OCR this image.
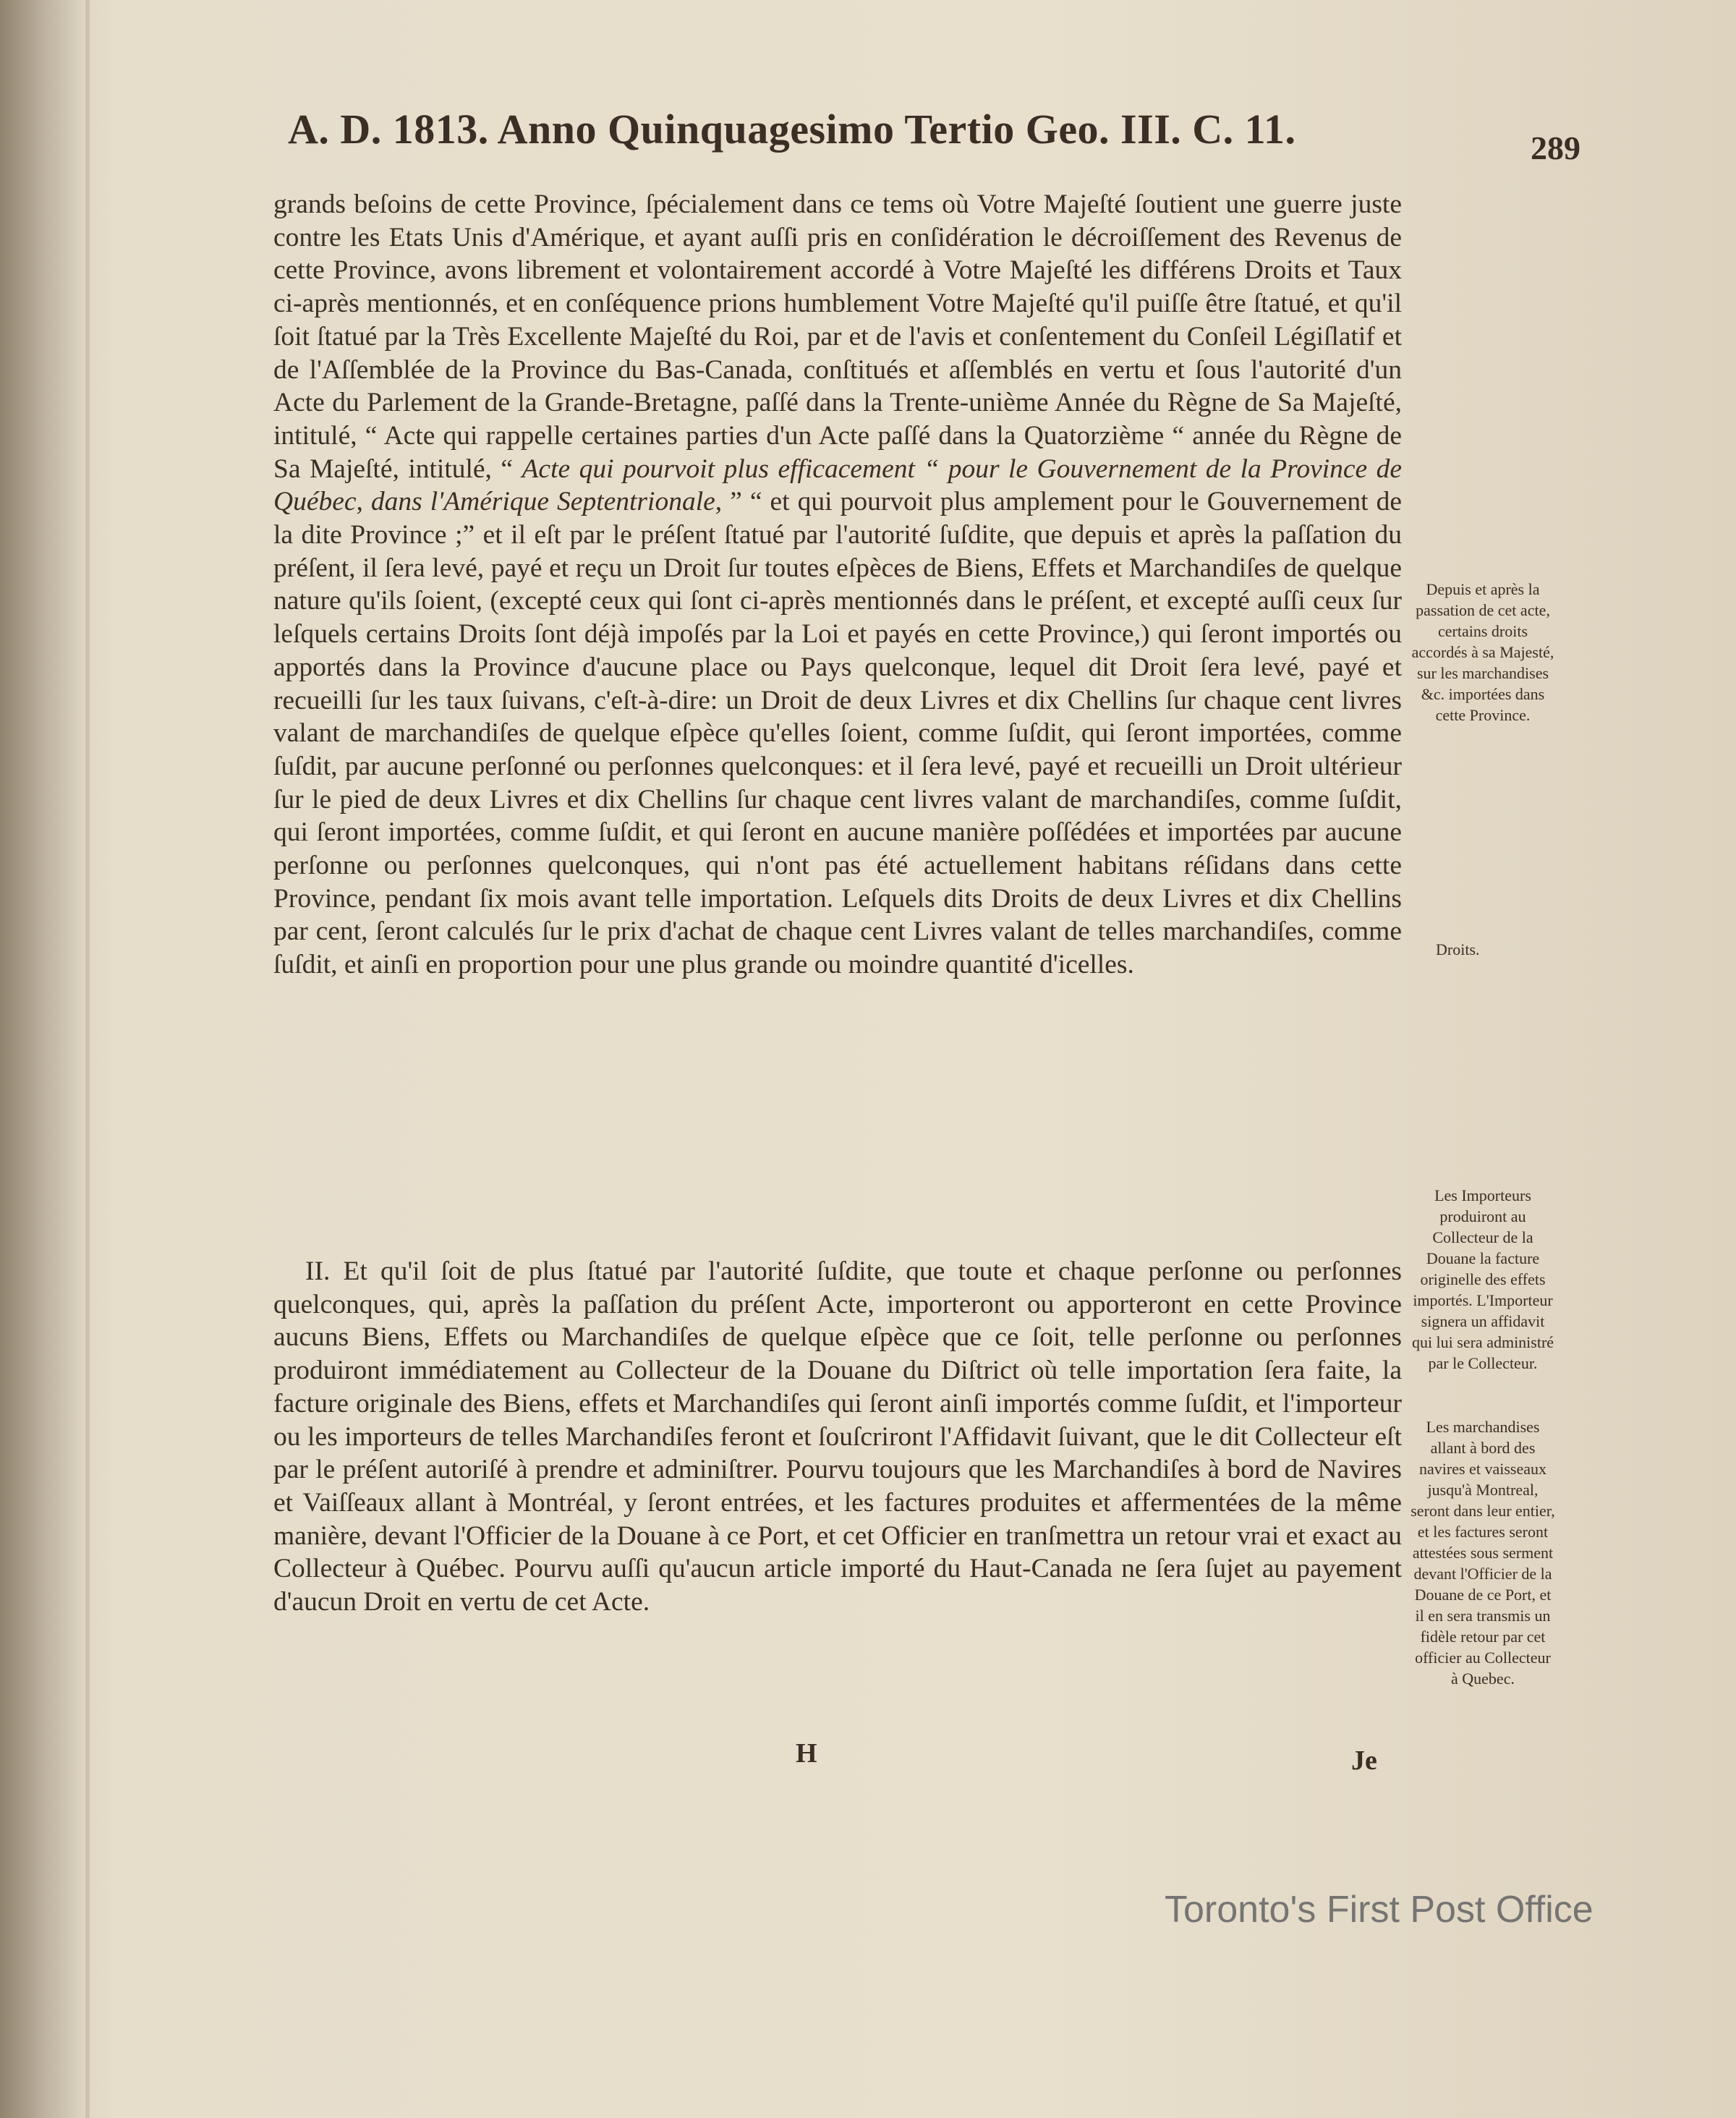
A. D. 1813. Anno Quinquagesimo Tertio Geo. III. C. 11.	289
grands beſoins de cette Province, ſpécialement dans ce tems où Votre Majeſté ſoutient une guerre juste contre les Etats Unis d'Amérique, et ayant auſſi pris en conſidération le décroiſſement des Revenus de cette Province, avons librement et volontairement accordé à Votre Majeſté les différens Droits et Taux ci-après mentionnés, et en conſéquence prions humblement Votre Majeſté qu'il puiſſe être ſtatué, et qu'il ſoit ſtatué par la Très Excellente Majeſté du Roi, par et de l'avis et conſentement du Conſeil Légiſlatif et de l'Aſſemblée de la Province du Bas-Canada, conſtitués et aſſemblés en vertu et ſous l'autorité d'un Acte du Parlement de la Grande-Bretagne, paſſé dans la Trente-unième Année du Règne de Sa Majeſté, intitulé, “ Acte qui rappelle certaines parties d'un Acte paſſé dans la Quatorzième “ année du Règne de Sa Majeſté, intitulé, “ Acte qui pourvoit plus efficacement “ pour le Gouvernement de la Province de Québec, dans l'Amérique Septentrionale, ” “ et qui pourvoit plus amplement pour le Gouvernement de la dite Province ;” et il eſt par le préſent ſtatué par l'autorité ſuſdite, que depuis et après la paſſation du préſent, il ſera levé, payé et reçu un Droit ſur toutes eſpèces de Biens, Effets et Marchandiſes de quelque nature qu'ils ſoient, (excepté ceux qui ſont ci-après mentionnés dans le préſent, et excepté auſſi ceux ſur leſquels certains Droits ſont déjà impoſés par la Loi et payés en cette Province,) qui ſeront importés ou apportés dans la Province d'aucune place ou Pays quelconque, lequel dit Droit ſera levé, payé et recueilli ſur les taux ſuivans, c'eſt-à-dire: un Droit de deux Livres et dix Chellins ſur chaque cent livres valant de marchandiſes de quelque eſpèce qu'elles ſoient, comme ſuſdit, qui ſeront importées, comme ſuſdit, par aucune perſonné ou perſonnes quelconques: et il ſera levé, payé et recueilli un Droit ultérieur ſur le pied de deux Livres et dix Chellins ſur chaque cent livres valant de marchandiſes, comme ſuſdit, qui ſeront importées, comme ſuſdit, et qui ſeront en aucune manière poſſédées et importées par aucune perſonne ou perſonnes quelconques, qui n'ont pas été actuellement habitans réſidans dans cette Province, pendant ſix mois avant telle importation. Leſquels dits Droits de deux Livres et dix Chellins par cent, ſeront calculés ſur le prix d'achat de chaque cent Livres valant de telles marchandiſes, comme ſuſdit, et ainſi en proportion pour une plus grande ou moindre quantité d'icelles.
II. Et qu'il ſoit de plus ſtatué par l'autorité ſuſdite, que toute et chaque perſonne ou perſonnes quelconques, qui, après la paſſation du préſent Acte, importeront ou apporteront en cette Province aucuns Biens, Effets ou Marchandiſes de quelque eſpèce que ce ſoit, telle perſonne ou perſonnes produiront immédiatement au Collecteur de la Douane du Diſtrict où telle importation ſera faite, la facture originale des Biens, effets et Marchandiſes qui ſeront ainſi importés comme ſuſdit, et l'importeur ou les importeurs de telles Marchandiſes feront et ſouſcriront l'Affidavit ſuivant, que le dit Collecteur eſt par le préſent autoriſé à prendre et adminiſtrer. Pourvu toujours que les Marchandiſes à bord de Navires et Vaiſſeaux allant à Montréal, y ſeront entrées, et les factures produites et affermentées de la même manière, devant l'Officier de la Douane à ce Port, et cet Officier en tranſmettra un retour vrai et exact au Collecteur à Québec. Pourvu auſſi qu'aucun article importé du Haut-Canada ne ſera ſujet au payement d'aucun Droit en vertu de cet Acte.
Depuis et après la passation de cet acte, certains droits accordés à sa Majesté, sur les marchandises &c. importées dans cette Province.
Droits.
Les Importeurs produiront au Collecteur de la Douane la facture originelle des effets importés. L'Importeur signera un affidavit qui lui sera administré par le Collecteur.
Les marchandises allant à bord des navires et vaisseaux jusqu'à Montreal, seront dans leur entier, et les factures seront attestées sous serment devant l'Officier de la Douane de ce Port, et il en sera transmis un fidèle retour par cet officier au Collecteur à Quebec.
H	Je
Toronto's First Post Office
